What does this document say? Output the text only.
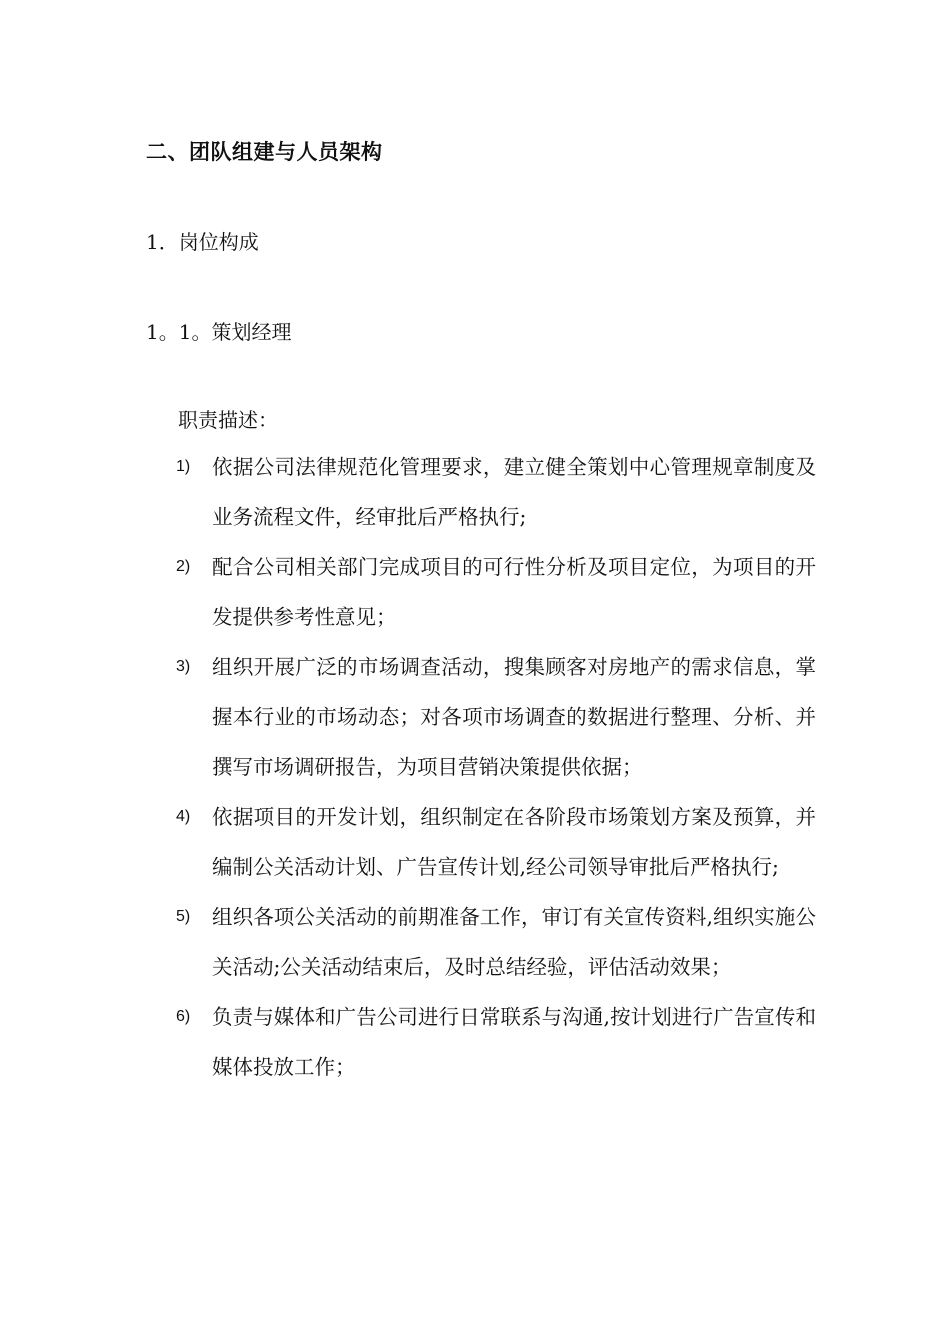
二、团队组建与人员架构
1．岗位构成
1。1。策划经理
职责描述：
1) 依据公司法律规范化管理要求，建立健全策划中心管理规章制度及业务流程文件，经审批后严格执行;
2) 配合公司相关部门完成项目的可行性分析及项目定位，为项目的开发提供参考性意见；
3) 组织开展广泛的市场调查活动，搜集顾客对房地产的需求信息，掌握本行业的市场动态；对各项市场调查的数据进行整理、分析、并撰写市场调研报告，为项目营销决策提供依据；
4) 依据项目的开发计划，组织制定在各阶段市场策划方案及预算，并编制公关活动计划、广告宣传计划,经公司领导审批后严格执行;
5) 组织各项公关活动的前期准备工作，审订有关宣传资料,组织实施公关活动;公关活动结束后，及时总结经验，评估活动效果；
6) 负责与媒体和广告公司进行日常联系与沟通,按计划进行广告宣传和媒体投放工作；
